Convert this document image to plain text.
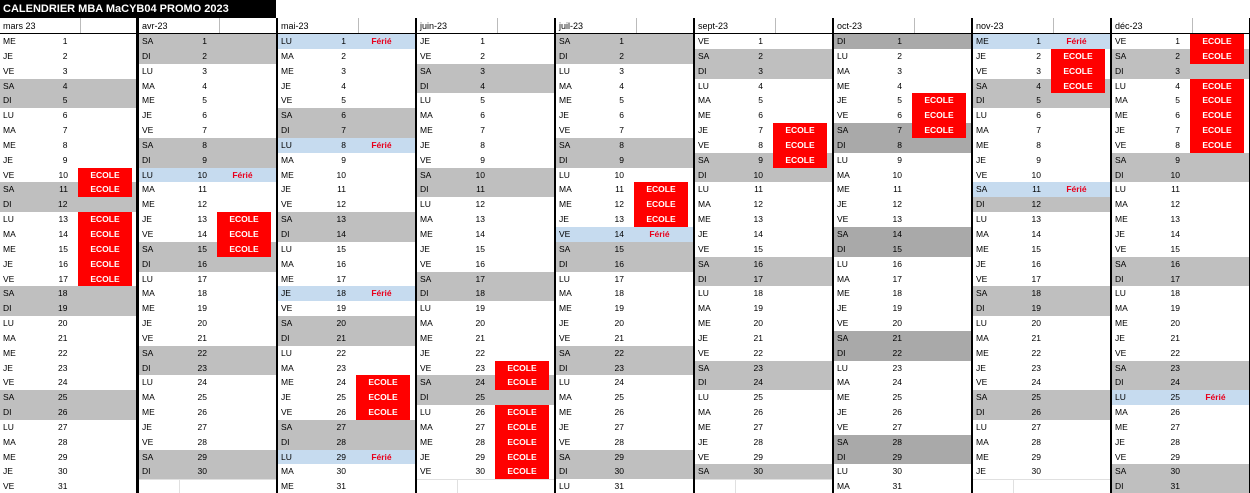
CALENDRIER MBA MaCYB04 PROMO 2023
mars 23
ME	1
JE	2
VE	3
SA	4
DI	5
LU	6
MA	7
ME	8
JE	9
VE	10	ECOLE
SA	11	ECOLE
DI	12
LU	13	ECOLE
MA	14	ECOLE
ME	15	ECOLE
JE	16	ECOLE
VE	17	ECOLE
SA	18
DI	19
LU	20
MA	21
ME	22
JE	23
VE	24
SA	25
DI	26
LU	27
MA	28
ME	29
JE	30
VE	31
avr-23
SA	1
DI	2
LU	3
MA	4
ME	5
JE	6
VE	7
SA	8
DI	9
LU	10	Férié
MA	11
ME	12
JE	13	ECOLE
VE	14	ECOLE
SA	15	ECOLE
DI	16
LU	17
MA	18
ME	19
JE	20
VE	21
SA	22
DI	23
LU	24
MA	25
ME	26
JE	27
VE	28
SA	29
DI	30
mai-23
LU	1	Férié
MA	2
ME	3
JE	4
VE	5
SA	6
DI	7
LU	8	Férié
MA	9
ME	10
JE	11
VE	12
SA	13
DI	14
LU	15
MA	16
ME	17
JE	18	Férié
VE	19
SA	20
DI	21
LU	22
MA	23
ME	24	ECOLE
JE	25	ECOLE
VE	26	ECOLE
SA	27
DI	28
LU	29	Férié
MA	30
ME	31
juin-23
JE	1
VE	2
SA	3
DI	4
LU	5
MA	6
ME	7
JE	8
VE	9
SA	10
DI	11
LU	12
MA	13
ME	14
JE	15
VE	16
SA	17
DI	18
LU	19
MA	20
ME	21
JE	22
VE	23	ECOLE
SA	24	ECOLE
DI	25
LU	26	ECOLE
MA	27	ECOLE
ME	28	ECOLE
JE	29	ECOLE
VE	30	ECOLE
juil-23
SA	1
DI	2
LU	3
MA	4
ME	5
JE	6
VE	7
SA	8
DI	9
LU	10
MA	11	ECOLE
ME	12	ECOLE
JE	13	ECOLE
VE	14	Férié
SA	15
DI	16
LU	17
MA	18
ME	19
JE	20
VE	21
SA	22
DI	23
LU	24
MA	25
ME	26
JE	27
VE	28
SA	29
DI	30
LU	31
sept-23
VE	1
SA	2
DI	3
LU	4
MA	5
ME	6
JE	7	ECOLE
VE	8	ECOLE
SA	9	ECOLE
DI	10
LU	11
MA	12
ME	13
JE	14
VE	15
SA	16
DI	17
LU	18
MA	19
ME	20
JE	21
VE	22
SA	23
DI	24
LU	25
MA	26
ME	27
JE	28
VE	29
SA	30
oct-23
DI	1
LU	2
MA	3
ME	4
JE	5	ECOLE
VE	6	ECOLE
SA	7	ECOLE
DI	8
LU	9
MA	10
ME	11
JE	12
VE	13
SA	14
DI	15
LU	16
MA	17
ME	18
JE	19
VE	20
SA	21
DI	22
LU	23
MA	24
ME	25
JE	26
VE	27
SA	28
DI	29
LU	30
MA	31
nov-23
ME	1	Férié
JE	2	ECOLE
VE	3	ECOLE
SA	4	ECOLE
DI	5
LU	6
MA	7
ME	8
JE	9
VE	10
SA	11	Férié
DI	12
LU	13
MA	14
ME	15
JE	16
VE	17
SA	18
DI	19
LU	20
MA	21
ME	22
JE	23
VE	24
SA	25
DI	26
LU	27
MA	28
ME	29
JE	30
déc-23
VE	1	ECOLE
SA	2	ECOLE
DI	3
LU	4	ECOLE
MA	5	ECOLE
ME	6	ECOLE
JE	7	ECOLE
VE	8	ECOLE
SA	9
DI	10
LU	11
MA	12
ME	13
JE	14
VE	15
SA	16
DI	17
LU	18
MA	19
ME	20
JE	21
VE	22
SA	23
DI	24
LU	25	Férié
MA	26
ME	27
JE	28
VE	29
SA	30
DI	31
